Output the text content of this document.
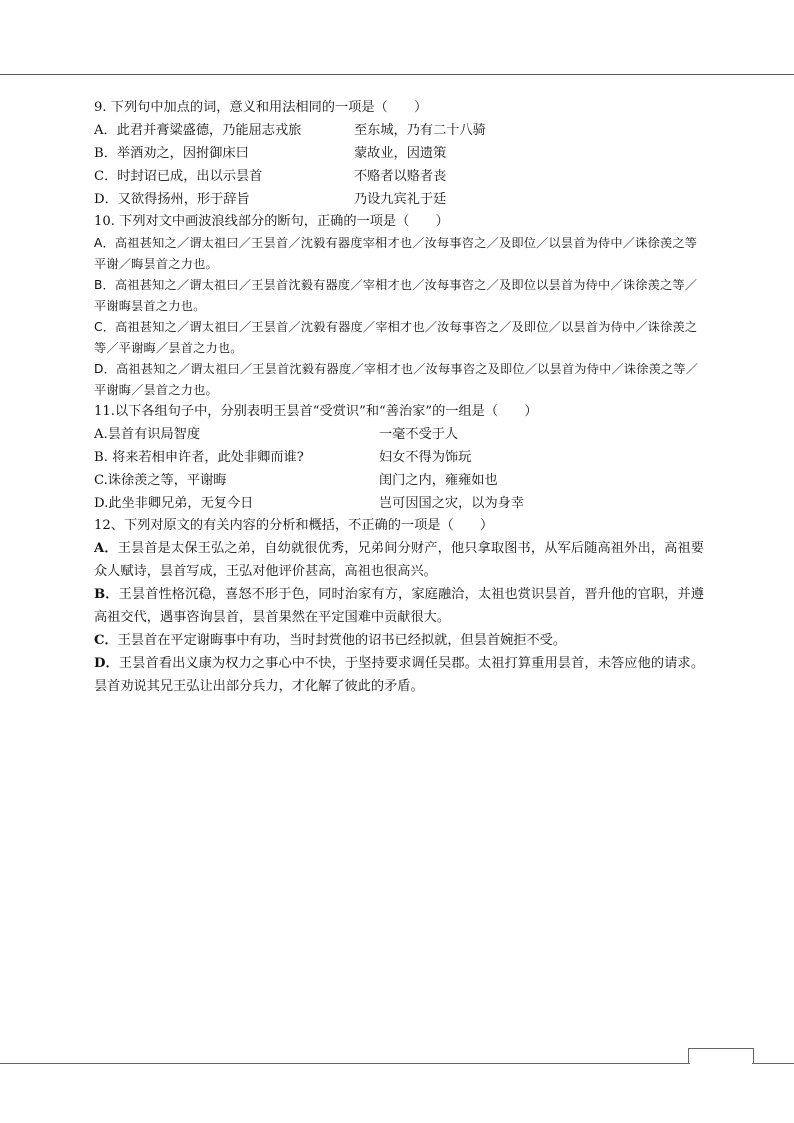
9. 下列句中加点的词，意义和用法相同的一项是（　　）
A．此君并膏粱盛德，乃能屈志戎旅	至东城，乃有二十八骑
B．举酒劝之，因拊御床曰	蒙故业，因遗策
C．时封诏已成，出以示昙首	不赂者以赂者丧
D．又欲得扬州，形于辞旨	乃设九宾礼于廷
10. 下列对文中画波浪线部分的断句，正确的一项是（　　）
A．高祖甚知之／谓太祖曰／王昙首／沈毅有器度宰相才也／汝每事咨之／及即位／以昙首为侍中／诛徐羡之等平谢／晦昙首之力也。
B．高祖甚知之／谓太祖曰／王昙首沈毅有器度／宰相才也／汝每事咨之／及即位以昙首为侍中／诛徐羡之等／平谢晦昙首之力也。
C．高祖甚知之／谓太祖曰／王昙首／沈毅有器度／宰相才也／汝每事咨之／及即位／以昙首为侍中／诛徐羡之等／平谢晦／昙首之力也。
D．高祖甚知之／谓太祖曰／王昙首沈毅有器度／宰相才也／汝每事咨之及即位／以昙首为侍中／诛徐羡之等／平谢晦／昙首之力也。
11.以下各组句子中，分别表明王昙首“受赏识”和“善治家”的一组是（　　）
A.昙首有识局智度	一毫不受于人
B. 将来若相申许者，此处非卿而谁?	妇女不得为饰玩
C.诛徐羡之等，平谢晦	闺门之内，雍雍如也
D.此坐非卿兄弟，无复今日	岂可因国之灾，以为身幸
12、下列对原文的有关内容的分析和概括，不正确的一项是（　　）
A．王昙首是太保王弘之弟，自幼就很优秀，兄弟间分财产，他只拿取图书，从军后随高祖外出，高祖要众人赋诗，昙首写成，王弘对他评价甚高，高祖也很高兴。
B．王昙首性格沉稳，喜怒不形于色，同时治家有方，家庭融洽，太祖也赏识昙首，晋升他的官职，并遵高祖交代，遇事咨询昙首，昙首果然在平定国难中贡献很大。
C．王昙首在平定谢晦事中有功，当时封赏他的诏书已经拟就，但昙首婉拒不受。
D．王昙首看出义康为权力之事心中不快，于坚持要求调任吴郡。太祖打算重用昙首，未答应他的请求。昙首劝说其兄王弘让出部分兵力，才化解了彼此的矛盾。
